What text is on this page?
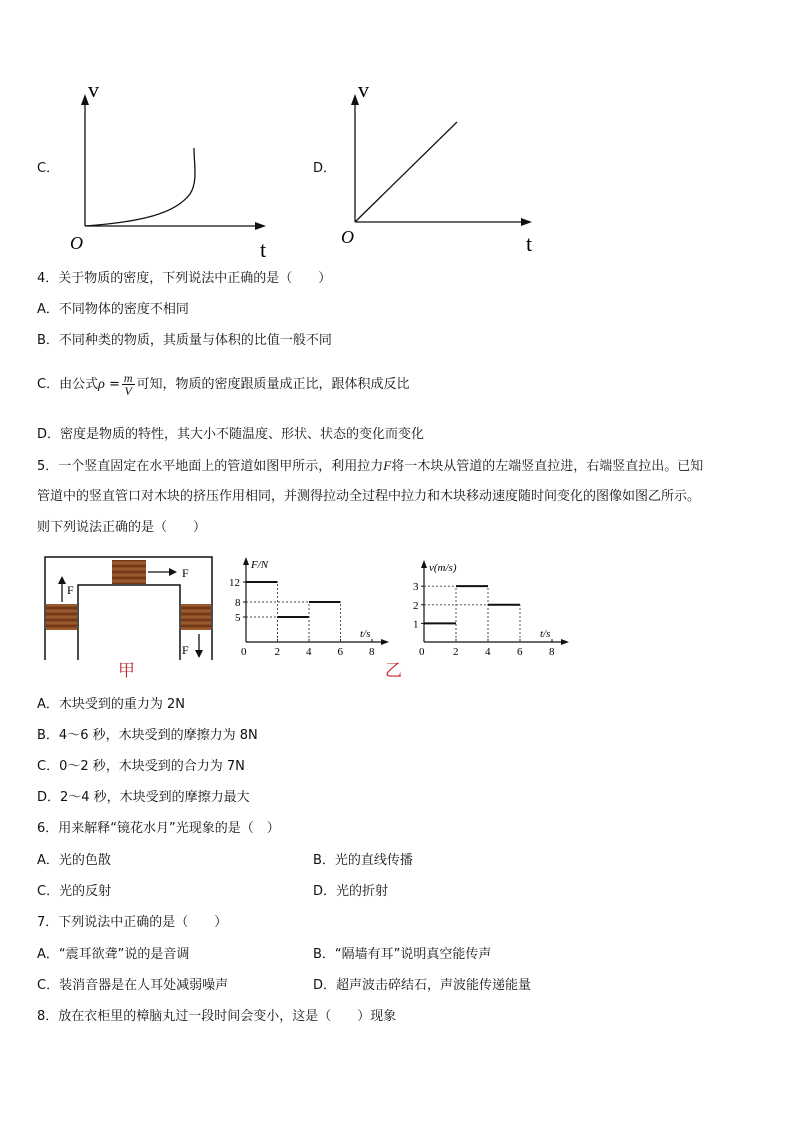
C．
v
O	t
D．
v
O	t
4．关于物质的密度，下列说法中正确的是（　　）
A．不同物体的密度不相同
B．不同种类的物质，其质量与体积的比值一般不同
C．由公式$\rho = \frac{m}{V}$ 可知，物质的密度跟质量成正比，跟体积成反比
D．密度是物质的特性，其大小不随温度、形状、状态的变化而变化
5．一个竖直固定在水平地面上的管道如图甲所示，利用拉力F将一木块从管道的左端竖直拉进，右端竖直拉出。已知
管道中的竖直管口对木块的挤压作用相同，并测得拉动全过程中拉力和木块移动速度随时间变化的图像如图乙所示。
则下列说法正确的是（　　）
F
F
F
甲
F/N
t/s
0	2 4 6 8
5
8
12
v(m/s)
t/s
0	2 4 6 8
1
2
3
乙
A．木块受到的重力为 2N
B．4～6 秒，木块受到的摩擦力为 8N
C．0～2 秒，木块受到的合力为 7N
D．2～4 秒，木块受到的摩擦力最大
6．用来解释“镜花水月”光现象的是（　）
A．光的色散	B．光的直线传播
C．光的反射	D．光的折射
7．下列说法中正确的是（　　）
A．“震耳欲聋”说的是音调	B．“隔墙有耳”说明真空能传声
C．装消音器是在人耳处减弱噪声	D．超声波击碎结石，声波能传递能量
8．放在衣柜里的樟脑丸过一段时间会变小，这是（　　）现象
